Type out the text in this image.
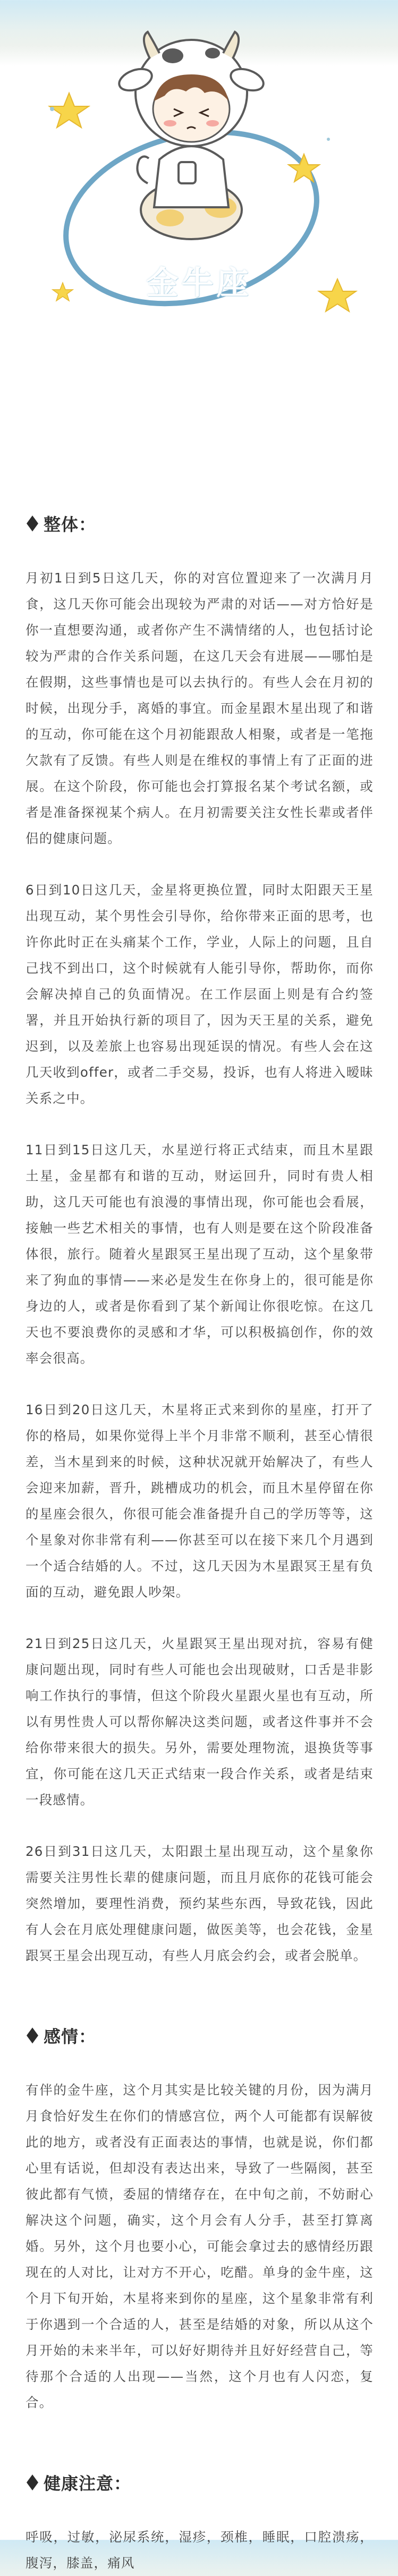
金牛座
整体：

月初1日到5日这几天，你的对宫位置迎来了一次满月月食，这几天你可能会出现较为严肃的对话——对方恰好是你一直想要沟通，或者你产生不满情绪的人，也包括讨论较为严肃的合作关系问题，在这几天会有进展——哪怕是在假期，这些事情也是可以去执行的。有些人会在月初的时候，出现分手，离婚的事宜。而金星跟木星出现了和谐的互动，你可能在这个月初能跟敌人相聚，或者是一笔拖欠款有了反馈。有些人则是在维权的事情上有了正面的进展。在这个阶段，你可能也会打算报名某个考试名额，或者是准备探视某个病人。在月初需要关注女性长辈或者伴侣的健康问题。

6日到10日这几天，金星将更换位置，同时太阳跟天王星出现互动，某个男性会引导你，给你带来正面的思考，也许你此时正在头痛某个工作，学业，人际上的问题，且自己找不到出口，这个时候就有人能引导你，帮助你，而你会解决掉自己的负面情况。在工作层面上则是有合约签署，并且开始执行新的项目了，因为天王星的关系，避免迟到，以及差旅上也容易出现延误的情况。有些人会在这几天收到offer，或者二手交易，投诉，也有人将进入暧昧关系之中。

11日到15日这几天，水星逆行将正式结束，而且木星跟土星，金星都有和谐的互动，财运回升，同时有贵人相助，这几天可能也有浪漫的事情出现，你可能也会看展，接触一些艺术相关的事情，也有人则是要在这个阶段准备体很，旅行。随着火星跟冥王星出现了互动，这个星象带来了狗血的事情——来必是发生在你身上的，很可能是你身边的人，或者是你看到了某个新闻让你很吃惊。在这几天也不要浪费你的灵感和才华，可以积极搞创作，你的效率会很高。

16日到20日这几天，木星将正式来到你的星座，打开了你的格局，如果你觉得上半个月非常不顺利，甚至心情很差，当木星到来的时候，这种状况就开始解决了，有些人会迎来加薪，晋升，跳槽成功的机会，而且木星停留在你的星座会很久，你很可能会准备提升自己的学历等等，这个星象对你非常有利——你甚至可以在接下来几个月遇到一个适合结婚的人。不过，这几天因为木星跟冥王星有负面的互动，避免跟人吵架。

21日到25日这几天，火星跟冥王星出现对抗，容易有健康问题出现，同时有些人可能也会出现破财，口舌是非影响工作执行的事情，但这个阶段火星跟火星也有互动，所以有男性贵人可以帮你解决这类问题，或者这件事并不会给你带来很大的损失。另外，需要处理物流，退换货等事宜，你可能在这几天正式结束一段合作关系，或者是结束一段感情。

26日到31日这几天，太阳跟土星出现互动，这个星象你需要关注男性长辈的健康问题，而且月底你的花钱可能会突然增加，要理性消费，预约某些东西，导致花钱，因此有人会在月底处理健康问题，做医美等，也会花钱，金星跟冥王星会出现互动，有些人月底会约会，或者会脱单。

感情：

有伴的金牛座，这个月其实是比较关键的月份，因为满月月食恰好发生在你们的情感宫位，两个人可能都有误解彼此的地方，或者没有正面表达的事情，也就是说，你们都心里有话说，但却没有表达出来，导致了一些隔阂，甚至彼此都有气愤，委屈的情绪存在，在中旬之前，不妨耐心解决这个问题，确实，这个月会有人分手，甚至打算离婚。另外，这个月也要小心，可能会拿过去的感情经历跟现在的人对比，让对方不开心，吃醋。单身的金牛座，这个月下旬开始，木星将来到你的星座，这个星象非常有利于你遇到一个合适的人，甚至是结婚的对象，所以从这个月开始的未来半年，可以好好期待并且好好经营自己，等待那个合适的人出现——当然，这个月也有人闪恋，复合。

健康注意：

呼吸，过敏，泌尿系统，湿疹，颈椎，睡眠，口腔溃疡，腹泻，膝盖，痛风
